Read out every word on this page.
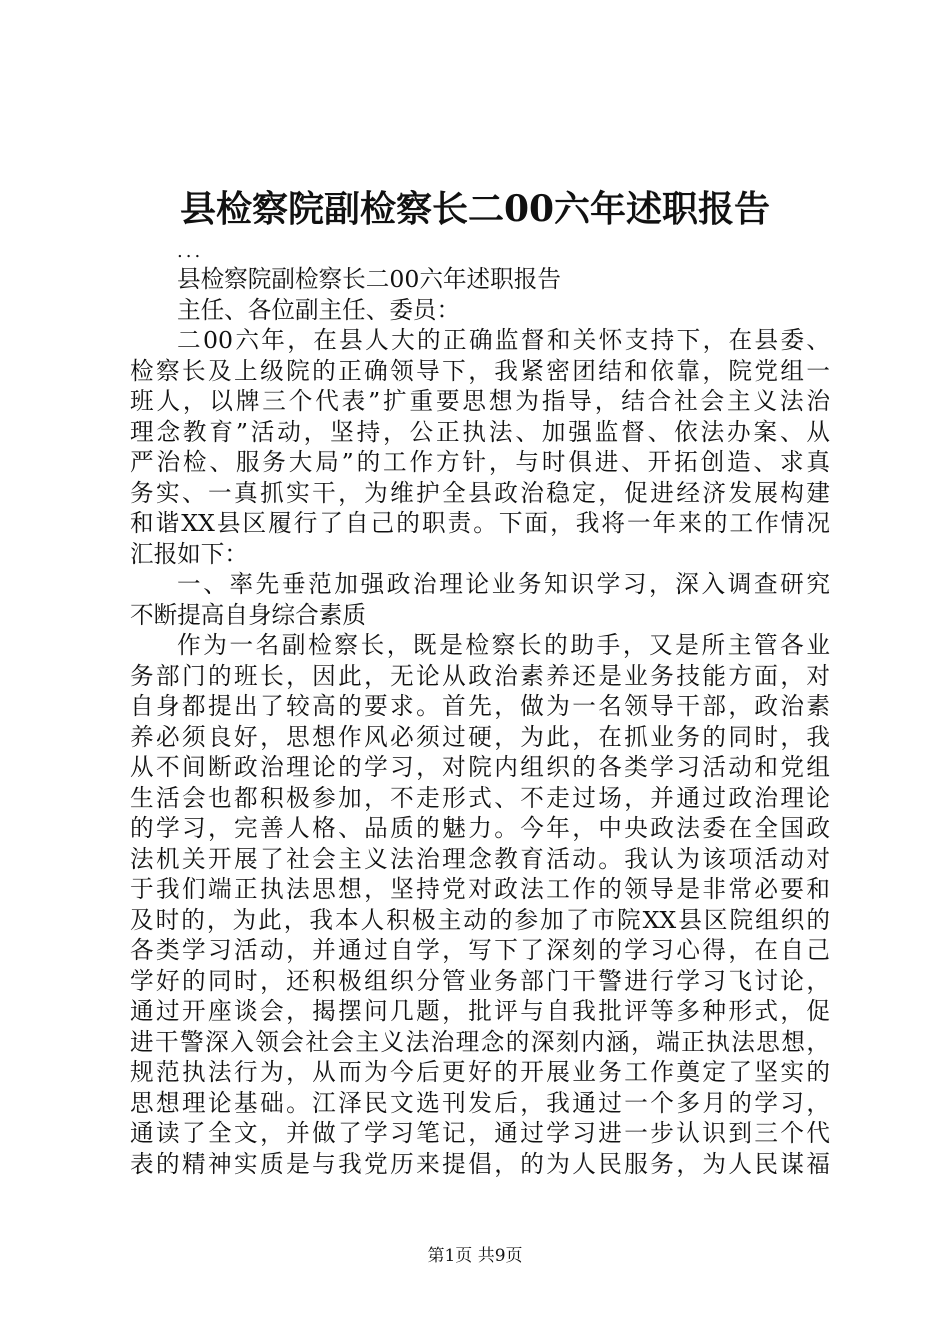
县检察院副检察长二00六年述职报告
...
县检察院副检察长二00六年述职报告
主任、各位副主任、委员：
二00六年，在县人大的正确监督和关怀支持下，在县委、
检察长及上级院的正确领导下，我紧密团结和依靠，院党组一
班人，以牌三个代表”扩重要思想为指导，结合社会主义法治
理念教育”活动，坚持，公正执法、加强监督、依法办案、从
严治检、服务大局”的工作方针，与时俱进、开拓创造、求真
务实、一真抓实干，为维护全县政治稳定，促进经济发展构建
和谐XX县区履行了自己的职责。下面，我将一年来的工作情况
汇报如下：
一、率先垂范加强政治理论业务知识学习，深入调查研究
不断提高自身综合素质
作为一名副检察长，既是检察长的助手，又是所主管各业
务部门的班长，因此，无论从政治素养还是业务技能方面，对
自身都提出了较高的要求。首先，做为一名领导干部，政治素
养必须良好，思想作风必须过硬，为此，在抓业务的同时，我
从不间断政治理论的学习，对院内组织的各类学习活动和党组
生活会也都积极参加，不走形式、不走过场，并通过政治理论
的学习，完善人格、品质的魅力。今年，中央政法委在全国政
法机关开展了社会主义法治理念教育活动。我认为该项活动对
于我们端正执法思想，坚持党对政法工作的领导是非常必要和
及时的，为此，我本人积极主动的参加了市院XX县区院组织的
各类学习活动，并通过自学，写下了深刻的学习心得，在自己
学好的同时，还积极组织分管业务部门干警进行学习飞讨论，
通过开座谈会，揭摆问几题，批评与自我批评等多种形式，促
进干警深入领会社会主义法治理念的深刻内涵，端正执法思想，
规范执法行为，从而为今后更好的开展业务工作奠定了坚实的
思想理论基础。江泽民文选刊发后，我通过一个多月的学习，
通读了全文，并做了学习笔记，通过学习进一步认识到三个代
表的精神实质是与我党历来提倡，的为人民服务，为人民谋福
第1页 共9页
